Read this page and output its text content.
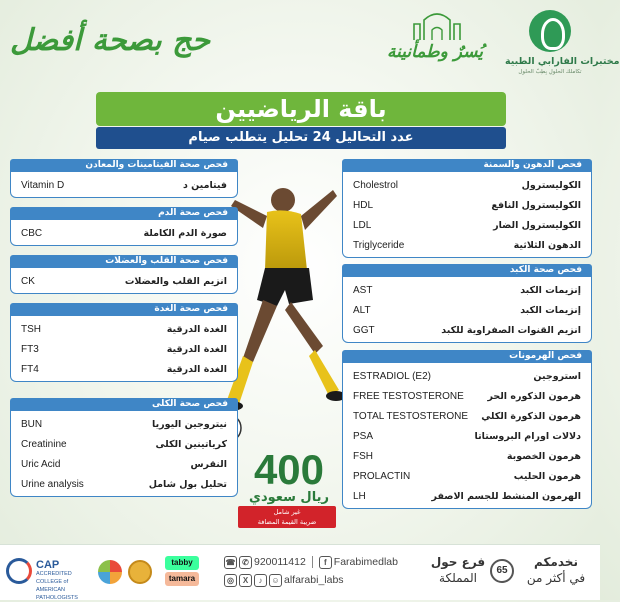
حج بصحة أفضل	يُسرٌ وطمأنينة	مختبرات الفارابي الطبية
تكاملك الحلولِ بِطِبّ الحلول
باقة الرياضيين
عدد التحاليل 24 تحليل يتطلب صيام
فحص صحة الفيتامينات والمعادن
Vitamin D	فيتامين د
فحص صحة الدم
CBC	صورة الدم الكاملة
فحص صحة القلب والعضلات
CK	انزيم القلب والعضلات
فحص صحة الغدة
TSH	الغدة الدرقية
FT3	الغدة الدرقية
FT4	الغدة الدرقية
فحص صحة الكلى
BUN	نيتروجين اليوريا
Creatinine	كرياتينين الكلى
Uric Acid	النقرس
Urine analysis	تحليل بول شامل
فحص الدهون والسمنة
Cholestrol	الكوليسترول
HDL	الكوليسترول النافع
LDL	الكوليسترول الضار
Triglyceride	الدهون الثلاثية
فحص صحة الكبد
AST	إنزيمات الكبد
ALT	إنزيمات الكبد
GGT	انزيم القنوات الصفراوية للكبد
فحص الهرمونات
ESTRADIOL (E2)	استروجين
FREE TESTOSTERONE هرمون الذكوره الحر
TOTAL TESTOSTERONE هرمون الذكورة الكلي
PSA	دلالات اورام البروستاتا
FSH	هرمون الخصوبة
PROLACTIN	هرمون الحليب
LH	الهرمون المنشط للجسم الاصفر
400
ريال سعودي
غير شامل
ضريبة القيمة المضافة
CAP
ACCREDITED
COLLEGE of AMERICAN PATHOLOGISTS
tabby
tamara
☎ ✆ 920011412	f Farabimedlab
◎	X	♪	☺ alfarabi_labs
فرع حول
المملكة
65
نخدمكم
في أكثر من
